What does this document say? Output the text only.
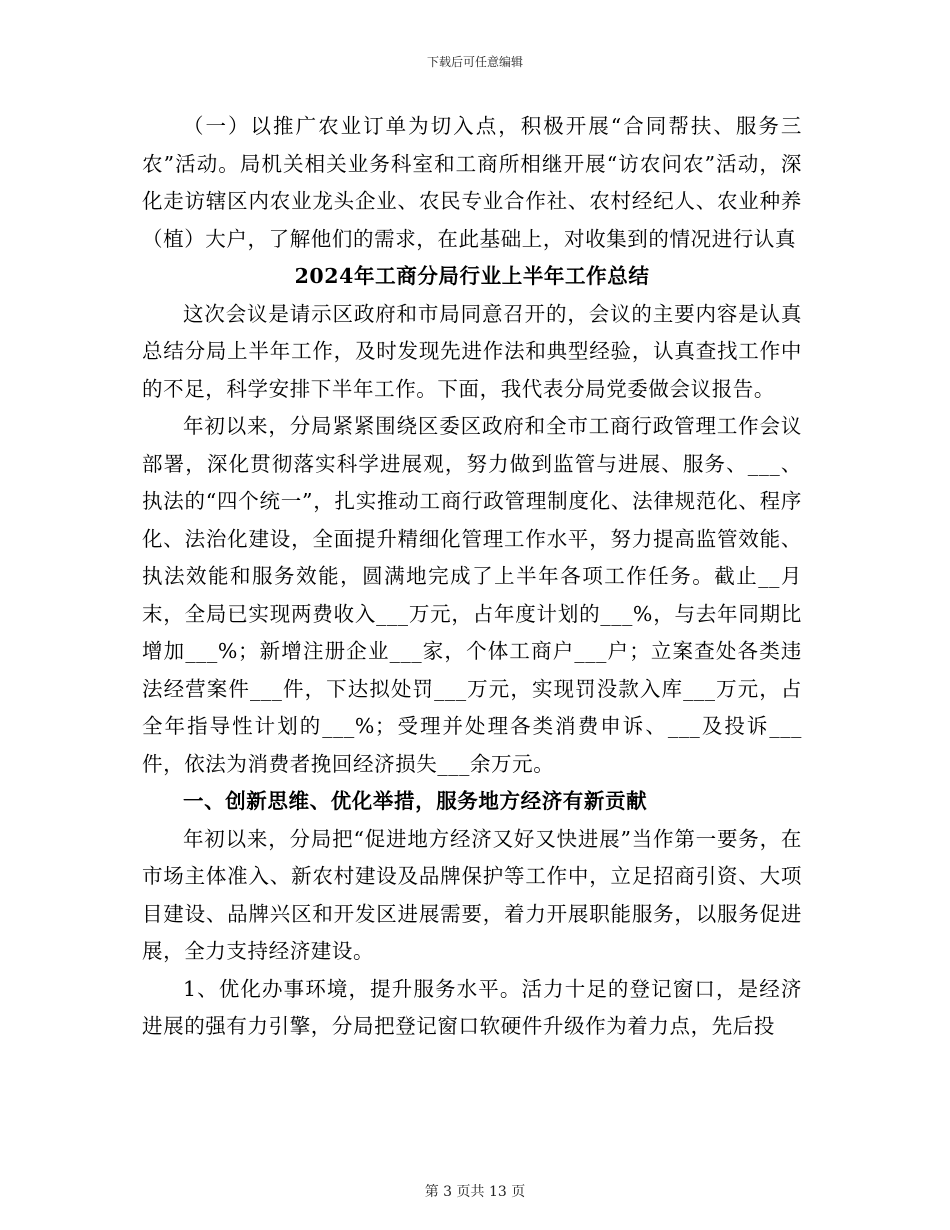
下载后可任意编辑

（一）以推广农业订单为切入点，积极开展“合同帮扶、服务三农”活动。局机关相关业务科室和工商所相继开展“访农问农”活动，深化走访辖区内农业龙头企业、农民专业合作社、农村经纪人、农业种养（植）大户，了解他们的需求，在此基础上，对收集到的情况进行认真

2024年工商分局行业上半年工作总结

这次会议是请示区政府和市局同意召开的，会议的主要内容是认真总结分局上半年工作，及时发现先进作法和典型经验，认真查找工作中的不足，科学安排下半年工作。下面，我代表分局党委做会议报告。

年初以来，分局紧紧围绕区委区政府和全市工商行政管理工作会议部署，深化贯彻落实科学进展观，努力做到监管与进展、服务、___、执法的“四个统一”，扎实推动工商行政管理制度化、法律规范化、程序化、法治化建设，全面提升精细化管理工作水平，努力提高监管效能、执法效能和服务效能，圆满地完成了上半年各项工作任务。截止__月末，全局已实现两费收入___万元，占年度计划的___%，与去年同期比增加___%；新增注册企业___家，个体工商户___户；立案查处各类违法经营案件___件，下达拟处罚___万元，实现罚没款入库___万元，占全年指导性计划的___%；受理并处理各类消费申诉、___及投诉___件，依法为消费者挽回经济损失___余万元。

一、创新思维、优化举措，服务地方经济有新贡献

年初以来，分局把“促进地方经济又好又快进展”当作第一要务，在市场主体准入、新农村建设及品牌保护等工作中，立足招商引资、大项目建设、品牌兴区和开发区进展需要，着力开展职能服务，以服务促进展，全力支持经济建设。

1、优化办事环境，提升服务水平。活力十足的登记窗口，是经济进展的强有力引擎，分局把登记窗口软硬件升级作为着力点，先后投

第 3 页共 13 页
